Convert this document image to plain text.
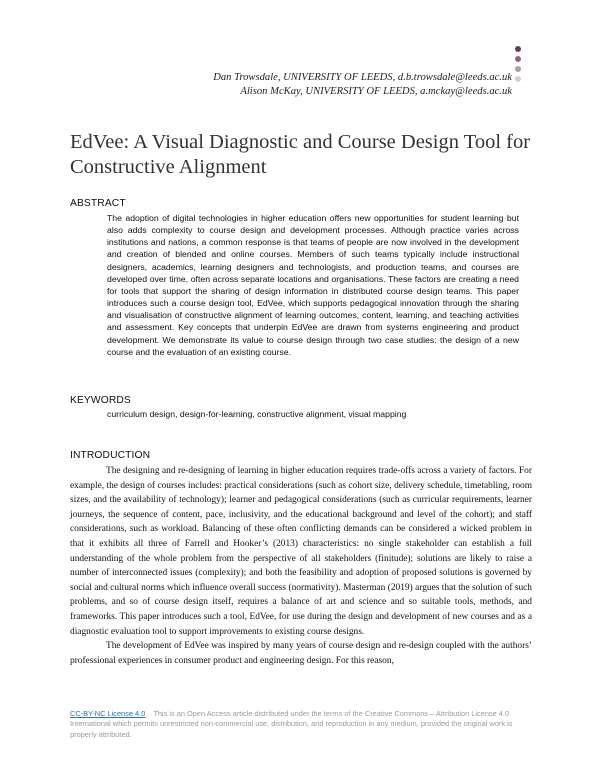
Dan Trowsdale, UNIVERSITY OF LEEDS, d.b.trowsdale@leeds.ac.uk
Alison McKay, UNIVERSITY OF LEEDS, a.mckay@leeds.ac.uk
EdVee: A Visual Diagnostic and Course Design Tool for Constructive Alignment
ABSTRACT
The adoption of digital technologies in higher education offers new opportunities for student learning but also adds complexity to course design and development processes. Although practice varies across institutions and nations, a common response is that teams of people are now involved in the development and creation of blended and online courses. Members of such teams typically include instructional designers, academics, learning designers and technologists, and production teams, and courses are developed over time, often across separate locations and organisations. These factors are creating a need for tools that support the sharing of design information in distributed course design teams. This paper introduces such a course design tool, EdVee, which supports pedagogical innovation through the sharing and visualisation of constructive alignment of learning outcomes, content, learning, and teaching activities and assessment. Key concepts that underpin EdVee are drawn from systems engineering and product development. We demonstrate its value to course design through two case studies: the design of a new course and the evaluation of an existing course.
KEYWORDS
curriculum design, design-for-learning, constructive alignment, visual mapping
INTRODUCTION

The designing and re-designing of learning in higher education requires trade-offs across a variety of factors. For example, the design of courses includes: practical considerations (such as cohort size, delivery schedule, timetabling, room sizes, and the availability of technology); learner and pedagogical considerations (such as curricular requirements, learner journeys, the sequence of content, pace, inclusivity, and the educational background and level of the cohort); and staff considerations, such as workload. Balancing of these often conflicting demands can be considered a wicked problem in that it exhibits all three of Farrell and Hooker’s (2013) characteristics: no single stakeholder can establish a full understanding of the whole problem from the perspective of all stakeholders (finitude); solutions are likely to raise a number of interconnected issues (complexity); and both the feasibility and adoption of proposed solutions is governed by social and cultural norms which influence overall success (normativity). Masterman (2019) argues that the solution of such problems, and so of course design itself, requires a balance of art and science and so suitable tools, methods, and frameworks. This paper introduces such a tool, EdVee, for use during the design and development of new courses and as a diagnostic evaluation tool to support improvements to existing course designs.

The development of EdVee was inspired by many years of course design and re-design coupled with the authors’ professional experiences in consumer product and engineering design. For this reason,

CC-BY-NC License 4.0 This is an Open Access article distributed under the terms of the Creative Commons – Attribution License 4.0 International which permits unrestricted non-commercial use, distribution, and reproduction in any medium, provided the original work is properly attributed.
